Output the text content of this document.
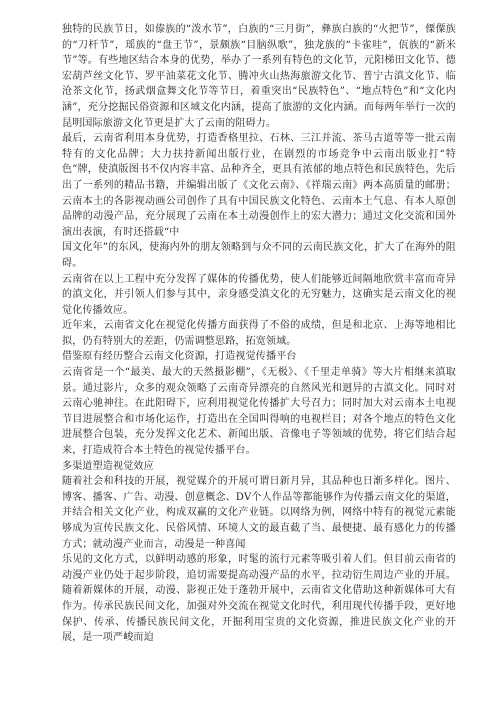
独特的民族节日，如傣族的“泼水节”，白族的“三月街”，彝族白族的“火把节”，傈僳族的“刀杆节”，瑶族的“盘王节”，景颇族“目脑纵歌”，独龙族的“卡雀哇”，佤族的“新米节”等。有些地区结合本身的优势，举办了一系列有特色的文化节，元阳梯田文化节、德宏葫芦丝文化节、罗平油菜花文化节、腾冲火山热海旅游文化节、普宁古滇文化节、临沧茶文化节，扬武烟盒舞文化节等节日，着重突出“民族特色”、“地点特色”和“文化内涵”，充分挖掘民俗资源和区域文化内涵，提高了旅游的文化内涵。而每两年举行一次的昆明国际旅游文化节更是扩大了云南的阻碍力。

最后，云南省利用本身优势，打造香格里拉、石林、三江并流、茶马古道等等一批云南特有的文化品牌；大力扶持新闻出版行业，在剧烈的市场竞争中云南出版业打“特色”牌，使滇版图书不仅内容丰富、品种齐全，更具有浓郁的地点特色和民族特色，先后出了一系列的精品书籍，并编辑出版了《文化云南》、《祥瑞云南》两本高质量的邮册；云南本土的各影视动画公司创作了具有中国民族文化特色、云南本土气息、有本人原创品牌的动漫产品，充分展现了云南在本土动漫创作上的宏大潜力；通过文化交流和国外演出表演，有时还搭载“中

国文化年”的东风，使海内外的朋友领略到与众不同的云南民族文化，扩大了在海外的阻碍。

云南省在以上工程中充分发挥了媒体的传播优势，使人们能够近间隔地欣赏丰富而奇异的滇文化，并引领人们参与其中，亲身感受滇文化的无穷魅力，这确实是云南文化的视觉化传播效应。

近年来，云南省文化在视觉化传播方面获得了不俗的成绩，但是和北京、上海等地相比拟，仍有特别大的差距，仍需调整思路，拓宽领域。

借鉴原有经历整合云南文化资源，打造视觉传播平台

云南省是一个“最美、最大的天然摄影棚”，《无极》、《千里走单骑》等大片相继来滇取景。通过影片，众多的观众领略了云南奇异漂亮的自然风光和迥异的古滇文化。同时对云南心驰神往。在此阳碍下，应利用视觉化传播扩大号召力；同时加大对云南本土电视节目进展整合和市场化运作，打造出在全国叫得响的电视栏目；对各个地点的特色文化进展整合包装，充分发挥文化艺术、新闻出版、音像电子等领域的优势，将它们结合起来，打造成符合本土特色的视觉传播平台。

多渠道塑造视觉效应

随着社会和科技的开展，视觉媒介的开展可谓日新月异，其品种也日渐多样化。图片、博客、播客、广告、动漫、创意概念、DV个人作品等都能够作为传播云南文化的渠道，并结合相关文化产业，构成双赢的文化产业链。以网络为例，网络中特有的视觉元素能够成为宣传民族文化、民俗风情、环境人文的最直截了当、最便捷、最有感化力的传播方式；就动漫产业而言，动漫是一种喜闻

乐见的文化方式，以鲜明动感的形象，时髦的流行元素等吸引着人们。但目前云南省的动漫产业仍处于起步阶段，追切需要提高动漫产品的水平，拉动衍生周边产业的开展。随着新媒体的开展，动漫、影视正处于蓬勃开展中，云南省文化借助这种新媒体可大有作为。传承民族民间文化，加强对外交流在视觉文化时代，利用现代传播手段，更好地保护、传承、传播民族民间文化，开掘利用宝贵的文化资源，推进民族文化产业的开展，是一项严峻而迫
